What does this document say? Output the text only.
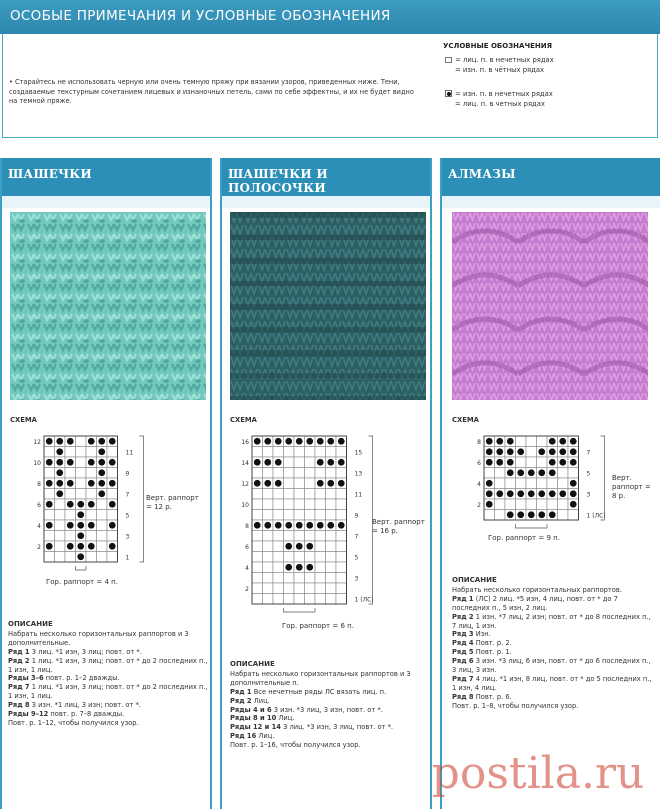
ОСОБЫЕ ПРИМЕЧАНИЯ И УСЛОВНЫЕ ОБОЗНАЧЕНИЯ
• Старайтесь не использовать черную или очень темную пряжу при вязании узоров, приведенных ниже. Тени, создаваемые текстурным сочетанием лицевых и изнаночных петель, сами по себе эффектны, и их не будет видно на темной пряже.
УСЛОВНЫЕ ОБОЗНАЧЕНИЯ
= лиц. п. в нечетных рядах
= изн. п. в чётных рядах
= изн. п. в нечетных рядах
= лиц. п. в четных рядах
ШАШЕЧКИ	ШАШЕЧКИ И ПОЛОСОЧКИ
АЛМАЗЫ
СХЕМА	СХЕМА	СХЕМА
12
10
8
6
4
2
11
9
7
5
3
1
16
14
12
10
8
6
4
2
15
13
11
9
7
5
3
1 (ЛС)
8
6
4
2
7
5
3
1 (ЛС)
Верт. раппорт = 12 р.
Гор. раппорт = 4 п.
Верт. раппорт = 16 р.
Гор. раппорт = 6 п.
Верт. раппорт = 8 р.
Гор. раппорт = 9 п.
ОПИСАНИЕ

Набрать несколько горизонтальных раппортов и 3 дополнительные.

Ряд 1 3 лиц. *1 изн, 3 лиц; повт. от *.

Ряд 2 1 лиц. *1 изн, 3 лиц; повт. от * до 2 последних п., 1 изн, 1 лиц.

Ряды 3–6 повт. р. 1–2 дважды.

Ряд 7 1 лиц. *1 изн, 3 лиц; повт. от * до 2 последних п., 1 изн, 1 лиц.

Ряд 8 3 изн. *1 лиц, 3 изн; повт. от *.

Ряды 9–12 повт. р. 7–8 дважды.

Повт. р. 1–12, чтобы получился узор.

ОПИСАНИЕ

Набрать несколько горизонтальных раппортов и 3 дополнительные п.

Ряд 1 Все нечетные ряды ЛС вязать лиц. п.

Ряд 2 Лиц.

Ряды 4 и 6 3 изн. *3 лиц, 3 изн, повт. от *.

Ряды 8 и 10 Лиц.

Ряды 12 и 14 3 лиц. *3 изн, 3 лиц, повт. от *.

Ряд 16 Лиц.

Повт. р. 1–16, чтобы получился узор.

ОПИСАНИЕ

Набрать несколько горизонтальных раппортов.

Ряд 1 (ЛС) 2 лиц. *5 изн, 4 лиц, повт. от * до 7 последних п., 5 изн, 2 лиц.

Ряд 2 1 изн. *7 лиц, 2 изн; повт. от * до 8 последних п., 7 лиц, 1 изн.

Ряд 3 Изн.

Ряд 4 Повт. р. 2.

Ряд 5 Повт. р. 1.

Ряд 6 3 изн. *3 лиц, 6 изн, повт. от * до 6 последних п., 3 лиц, 3 изн.

Ряд 7 4 лиц. *1 изн, 8 лиц, повт. от * до 5 последних п., 1 изн, 4 лиц.

Ряд 8 Повт. р. 6.

Повт. р. 1–8, чтобы получился узор.

postila.ru
